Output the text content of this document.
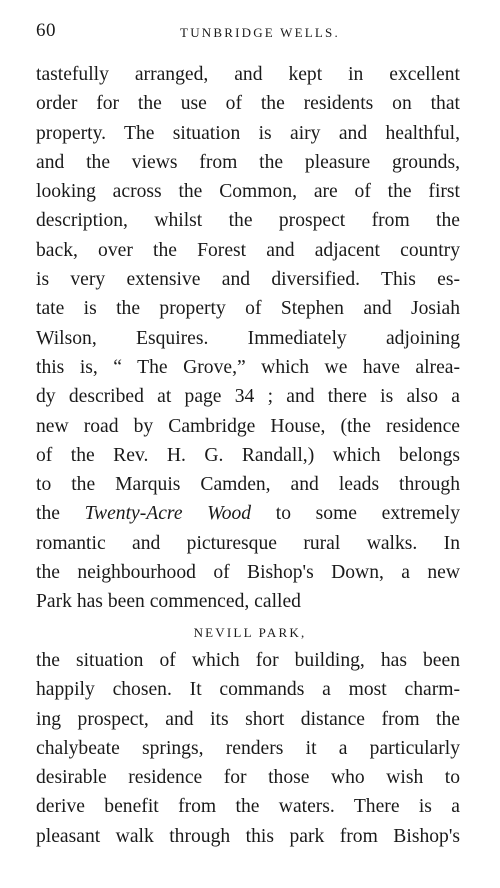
60	TUNBRIDGE WELLS.
tastefully arranged, and kept in excellent
order for the use of the residents on that
property. The situation is airy and healthful,
and the views from the pleasure grounds,
looking across the Common, are of the first
description, whilst the prospect from the
back, over the Forest and adjacent country
is very extensive and diversified. This es-
tate is the property of Stephen and Josiah
Wilson, Esquires. Immediately adjoining
this is, “ The Grove,” which we have alrea-
dy described at page 34 ; and there is also a
new road by Cambridge House, (the residence
of the Rev. H. G. Randall,) which belongs
to the Marquis Camden, and leads through
the Twenty-Acre Wood to some extremely
romantic and picturesque rural walks. In
the neighbourhood of Bishop's Down, a new
Park has been commenced, called
NEVILL PARK,
the situation of which for building, has been
happily chosen. It commands a most charm-
ing prospect, and its short distance from the
chalybeate springs, renders it a particularly
desirable residence for those who wish to
derive benefit from the waters. There is a
pleasant walk through this park from Bishop's
